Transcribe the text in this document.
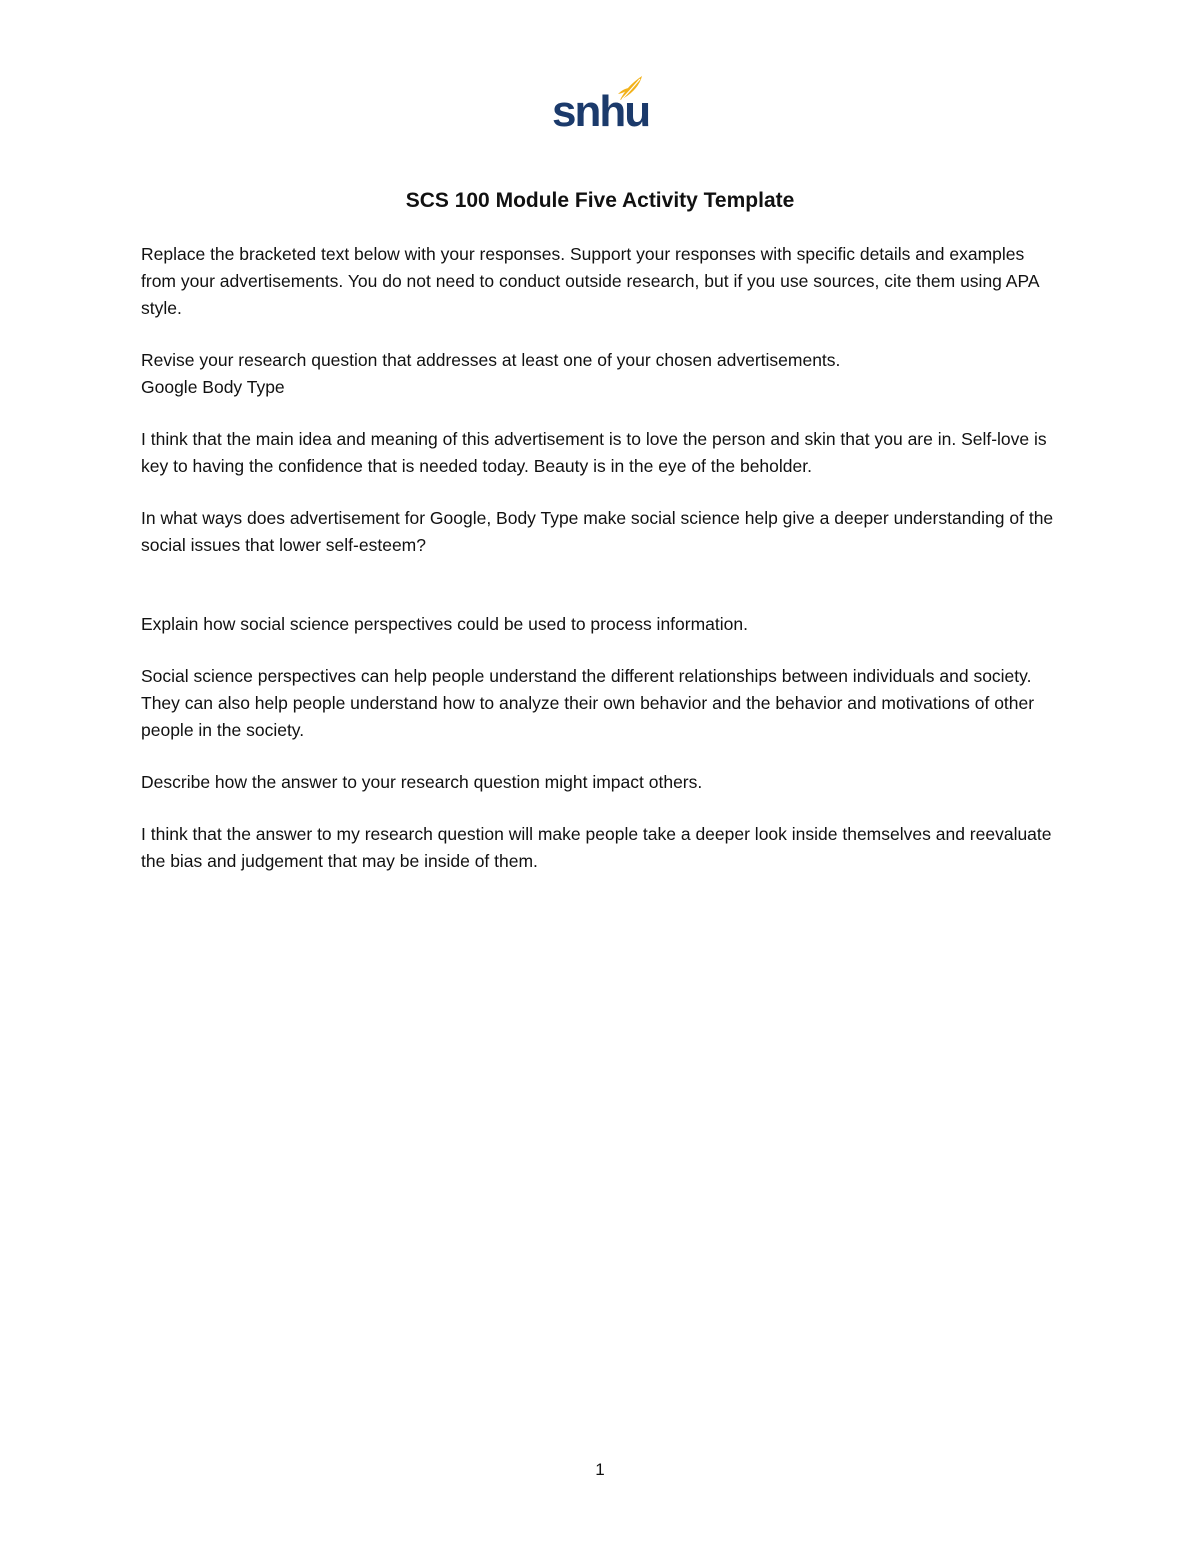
snhu
SCS 100 Module Five Activity Template

Replace the bracketed text below with your responses. Support your responses with specific details and examples from your advertisements. You do not need to conduct outside research, but if you use sources, cite them using APA style.

Revise your research question that addresses at least one of your chosen advertisements.

Google Body Type

I think that the main idea and meaning of this advertisement is to love the person and skin that you are in. Self-love is key to having the confidence that is needed today. Beauty is in the eye of the beholder.

In what ways does advertisement for Google, Body Type make social science help give a deeper understanding of the social issues that lower self-esteem?

Explain how social science perspectives could be used to process information.

Social science perspectives can help people understand the different relationships between individuals and society. They can also help people understand how to analyze their own behavior and the behavior and motivations of other people in the society.

Describe how the answer to your research question might impact others.

I think that the answer to my research question will make people take a deeper look inside themselves and reevaluate the bias and judgement that may be inside of them.

1
